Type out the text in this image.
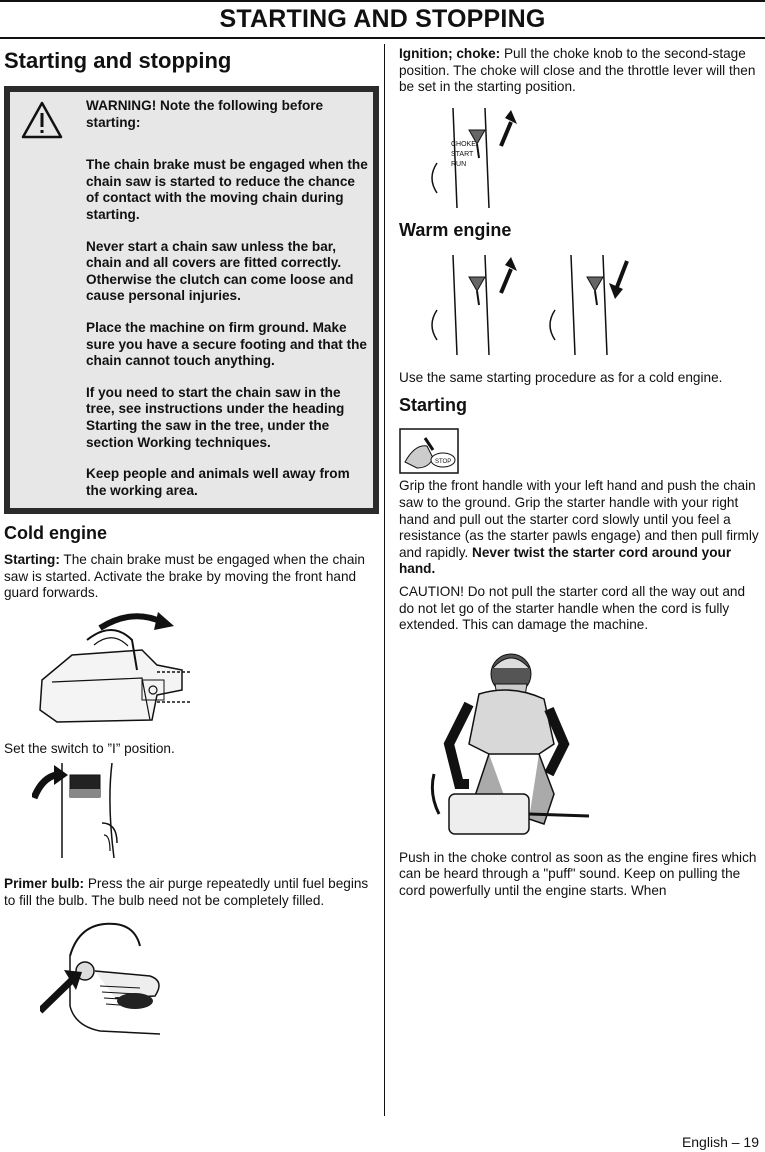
STARTING AND STOPPING
Starting and stopping

WARNING! Note the following before starting:

The chain brake must be engaged when the chain saw is started to reduce the chance of contact with the moving chain during starting.

Never start a chain saw unless the bar, chain and all covers are fitted correctly. Otherwise the clutch can come loose and cause personal injuries.

Place the machine on firm ground. Make sure you have a secure footing and that the chain cannot touch anything.

If you need to start the chain saw in the tree, see instructions under the heading Starting the saw in the tree, under the section Working techniques.

Keep people and animals well away from the working area.

Cold engine

Starting: The chain brake must be engaged when the chain saw is started. Activate the brake by moving the front hand guard forwards.

Set the switch to ”I” position.

Primer bulb: Press the air purge repeatedly until fuel begins to fill the bulb. The bulb need not be completely filled.

Ignition; choke: Pull the choke knob to the second-stage position. The choke will close and the throttle lever will then be set in the starting position.

CHOKE
START
RUN
Warm engine

Use the same starting procedure as for a cold engine.

Starting
STOP

Grip the front handle with your left hand and push the chain saw to the ground. Grip the starter handle with your right hand and pull out the starter cord slowly until you feel a resistance (as the starter pawls engage) and then pull firmly and rapidly. Never twist the starter cord around your hand.

CAUTION! Do not pull the starter cord all the way out and do not let go of the starter handle when the cord is fully extended. This can damage the machine.

Push in the choke control as soon as the engine fires which can be heard through a "puff" sound. Keep on pulling the cord powerfully until the engine starts. When

English – 19
